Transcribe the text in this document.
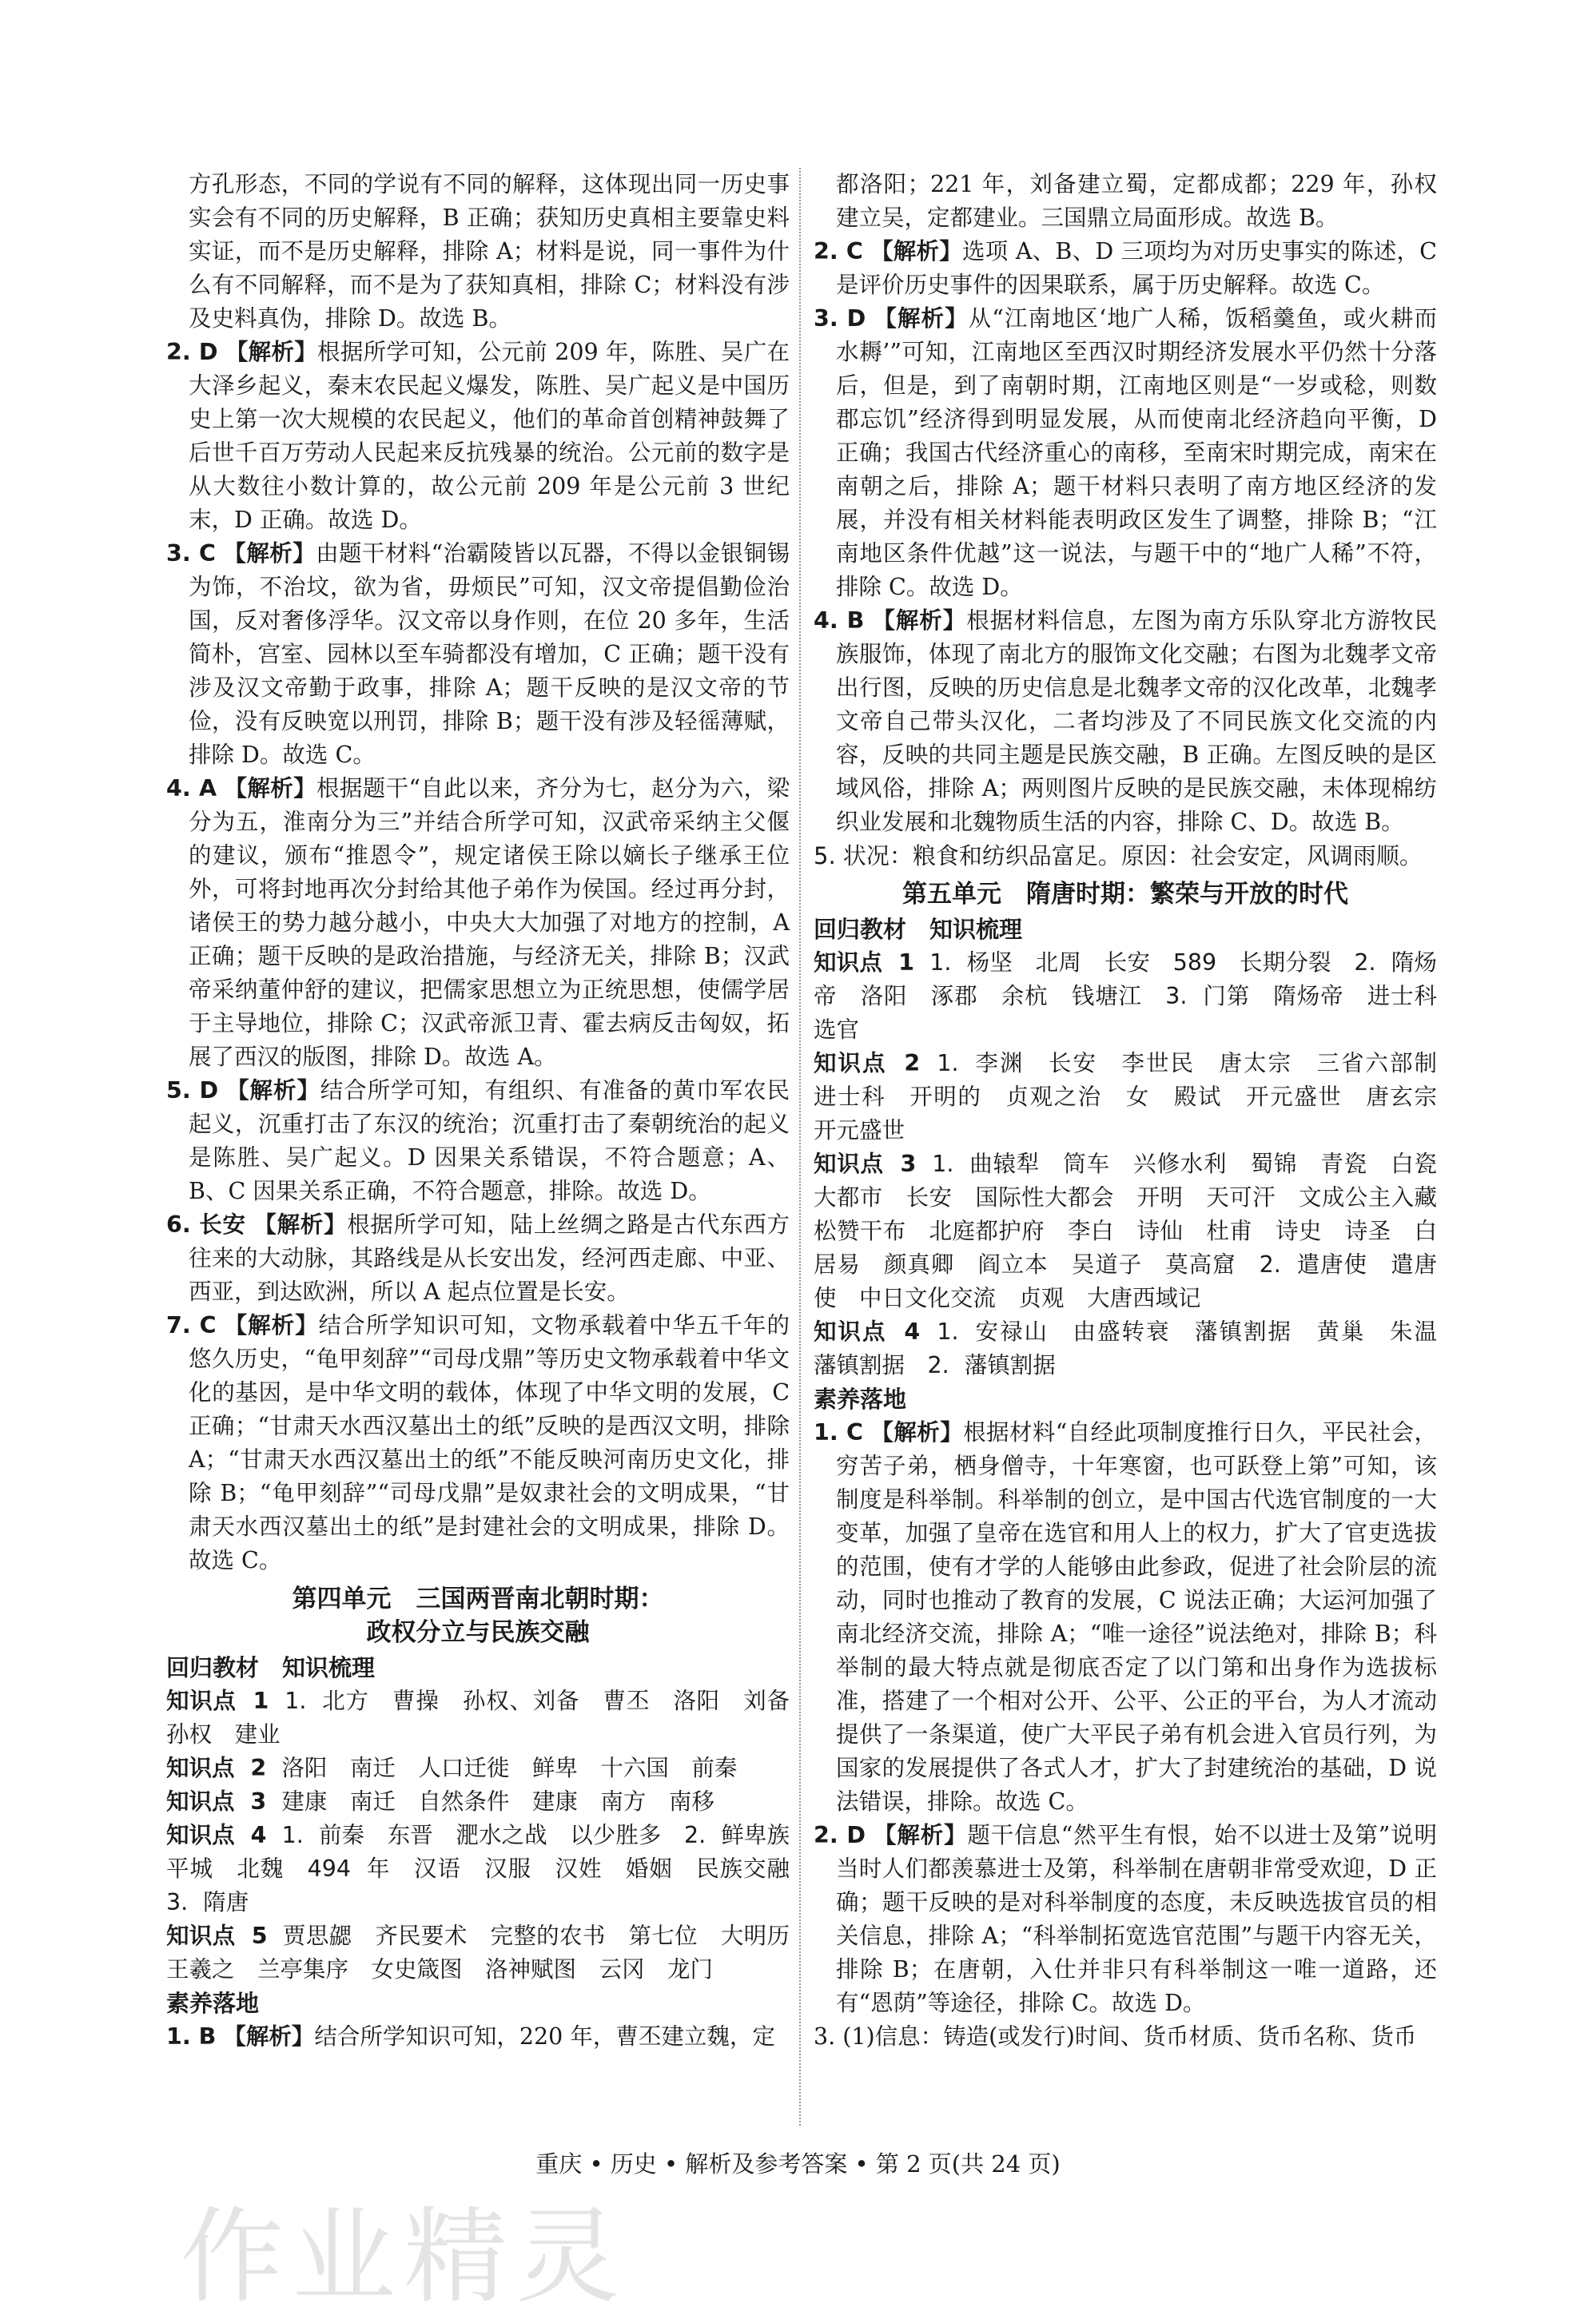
方孔形态，不同的学说有不同的解释，这体现出同一历史事实会有不同的历史解释，B 正确；获知历史真相主要靠史料实证，而不是历史解释，排除 A；材料是说，同一事件为什么有不同解释，而不是为了获知真相，排除 C；材料没有涉及史料真伪，排除 D。故选 B。

2. D 【解析】根据所学可知，公元前 209 年，陈胜、吴广在大泽乡起义，秦末农民起义爆发，陈胜、吴广起义是中国历史上第一次大规模的农民起义，他们的革命首创精神鼓舞了后世千百万劳动人民起来反抗残暴的统治。公元前的数字是从大数往小数计算的，故公元前 209 年是公元前 3 世纪末，D 正确。故选 D。

3. C 【解析】由题干材料“治霸陵皆以瓦器，不得以金银铜锡为饰，不治坟，欲为省，毋烦民”可知，汉文帝提倡勤俭治国，反对奢侈浮华。汉文帝以身作则，在位 20 多年，生活简朴，宫室、园林以至车骑都没有增加，C 正确；题干没有涉及汉文帝勤于政事，排除 A；题干反映的是汉文帝的节俭，没有反映宽以刑罚，排除 B；题干没有涉及轻徭薄赋，排除 D。故选 C。

4. A 【解析】根据题干“自此以来，齐分为七，赵分为六，梁分为五，淮南分为三”并结合所学可知，汉武帝采纳主父偃的建议，颁布“推恩令”，规定诸侯王除以嫡长子继承王位外，可将封地再次分封给其他子弟作为侯国。经过再分封，诸侯王的势力越分越小，中央大大加强了对地方的控制，A 正确；题干反映的是政治措施，与经济无关，排除 B；汉武帝采纳董仲舒的建议，把儒家思想立为正统思想，使儒学居于主导地位，排除 C；汉武帝派卫青、霍去病反击匈奴，拓展了西汉的版图，排除 D。故选 A。

5. D 【解析】结合所学可知，有组织、有准备的黄巾军农民起义，沉重打击了东汉的统治；沉重打击了秦朝统治的起义是陈胜、吴广起义。D 因果关系错误，不符合题意；A、B、C 因果关系正确，不符合题意，排除。故选 D。

6. 长安 【解析】根据所学可知，陆上丝绸之路是古代东西方往来的大动脉，其路线是从长安出发，经河西走廊、中亚、西亚，到达欧洲，所以 A 起点位置是长安。

7. C 【解析】结合所学知识可知，文物承载着中华五千年的悠久历史，“龟甲刻辞”“司母戊鼎”等历史文物承载着中华文化的基因，是中华文明的载体，体现了中华文明的发展，C 正确；“甘肃天水西汉墓出土的纸”反映的是西汉文明，排除 A；“甘肃天水西汉墓出土的纸”不能反映河南历史文化，排除 B；“龟甲刻辞”“司母戊鼎”是奴隶社会的文明成果，“甘肃天水西汉墓出土的纸”是封建社会的文明成果，排除 D。故选 C。

第四单元　三国两晋南北朝时期：
政权分立与民族交融
回归教材　知识梳理

知识点 1 1. 北方　曹操　孙权、刘备　曹丕　洛阳　刘备　孙权　建业

知识点 2 洛阳　南迁　人口迁徙　鲜卑　十六国　前秦

知识点 3 建康　南迁　自然条件　建康　南方　南移

知识点 4 1. 前秦　东晋　淝水之战　以少胜多　2. 鲜卑族　平城　北魏　494 年　汉语　汉服　汉姓　婚姻　民族交融　3. 隋唐

知识点 5 贾思勰　齐民要术　完整的农书　第七位　大明历　王羲之　兰亭集序　女史箴图　洛神赋图　云冈　龙门

素养落地

1. B 【解析】结合所学知识可知，220 年，曹丕建立魏，定

都洛阳；221 年，刘备建立蜀，定都成都；229 年，孙权建立吴，定都建业。三国鼎立局面形成。故选 B。

2. C 【解析】选项 A、B、D 三项均为对历史事实的陈述，C 是评价历史事件的因果联系，属于历史解释。故选 C。

3. D 【解析】从“江南地区‘地广人稀，饭稻羹鱼，或火耕而水耨’”可知，江南地区至西汉时期经济发展水平仍然十分落后，但是，到了南朝时期，江南地区则是“一岁或稔，则数郡忘饥”经济得到明显发展，从而使南北经济趋向平衡，D 正确；我国古代经济重心的南移，至南宋时期完成，南宋在南朝之后，排除 A；题干材料只表明了南方地区经济的发展，并没有相关材料能表明政区发生了调整，排除 B；“江南地区条件优越”这一说法，与题干中的“地广人稀”不符，排除 C。故选 D。

4. B 【解析】根据材料信息，左图为南方乐队穿北方游牧民族服饰，体现了南北方的服饰文化交融；右图为北魏孝文帝出行图，反映的历史信息是北魏孝文帝的汉化改革，北魏孝文帝自己带头汉化，二者均涉及了不同民族文化交流的内容，反映的共同主题是民族交融，B 正确。左图反映的是区域风俗，排除 A；两则图片反映的是民族交融，未体现棉纺织业发展和北魏物质生活的内容，排除 C、D。故选 B。

5. 状况：粮食和纺织品富足。原因：社会安定，风调雨顺。

第五单元　隋唐时期：繁荣与开放的时代
回归教材　知识梳理

知识点 1 1. 杨坚　北周　长安　589　长期分裂　2. 隋炀帝　洛阳　涿郡　余杭　钱塘江　3. 门第　隋炀帝　进士科　选官

知识点 2 1. 李渊　长安　李世民　唐太宗　三省六部制　进士科　开明的　贞观之治　女　殿试　开元盛世　唐玄宗　开元盛世

知识点 3 1. 曲辕犁　筒车　兴修水利　蜀锦　青瓷　白瓷　大都市　长安　国际性大都会　开明　天可汗　文成公主入藏　松赞干布　北庭都护府　李白　诗仙　杜甫　诗史　诗圣　白居易　颜真卿　阎立本　吴道子　莫高窟　2. 遣唐使　遣唐使　中日文化交流　贞观　大唐西域记

知识点 4 1. 安禄山　由盛转衰　藩镇割据　黄巢　朱温　藩镇割据　2. 藩镇割据

素养落地

1. C 【解析】根据材料“自经此项制度推行日久，平民社会，穷苦子弟，栖身僧寺，十年寒窗，也可跃登上第”可知，该制度是科举制。科举制的创立，是中国古代选官制度的一大变革，加强了皇帝在选官和用人上的权力，扩大了官吏选拔的范围，使有才学的人能够由此参政，促进了社会阶层的流动，同时也推动了教育的发展，C 说法正确；大运河加强了南北经济交流，排除 A；“唯一途径”说法绝对，排除 B；科举制的最大特点就是彻底否定了以门第和出身作为选拔标准，搭建了一个相对公开、公平、公正的平台，为人才流动提供了一条渠道，使广大平民子弟有机会进入官员行列，为国家的发展提供了各式人才，扩大了封建统治的基础，D 说法错误，排除。故选 C。

2. D 【解析】题干信息“然平生有恨，始不以进士及第”说明当时人们都羡慕进士及第，科举制在唐朝非常受欢迎，D 正确；题干反映的是对科举制度的态度，未反映选拔官员的相关信息，排除 A；“科举制拓宽选官范围”与题干内容无关，排除 B；在唐朝，入仕并非只有科举制这一唯一道路，还有“恩荫”等途径，排除 C。故选 D。

3. (1)信息：铸造(或发行)时间、货币材质、货币名称、货币

重庆 • 历史 • 解析及参考答案 • 第 2 页(共 24 页)
作业精灵
